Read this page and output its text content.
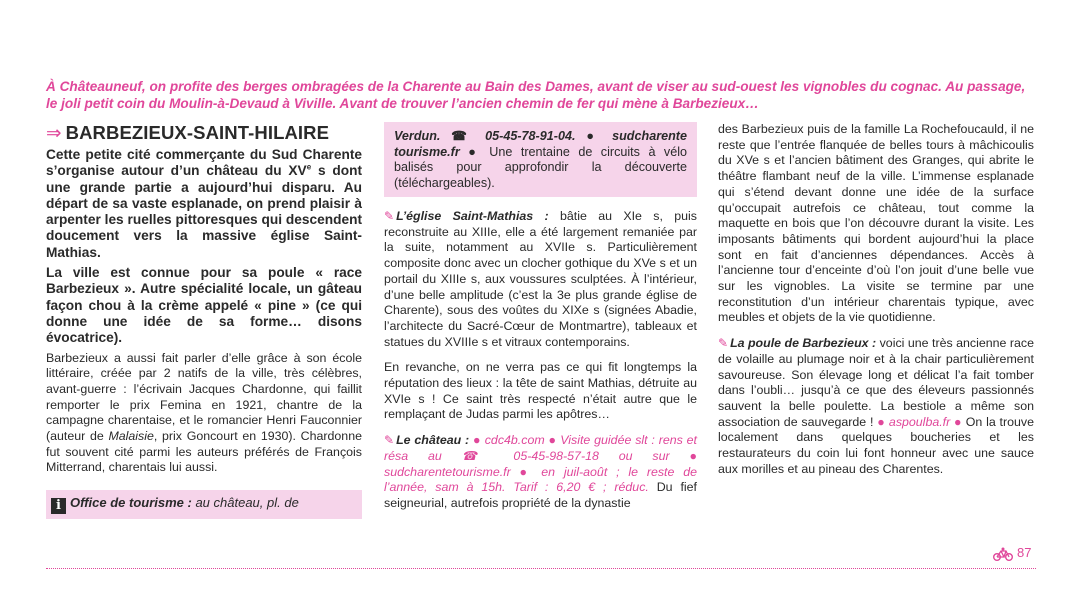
À Châteauneuf, on profite des berges ombragées de la Charente au Bain des Dames, avant de viser au sud-ouest les vignobles du cognac. Au passage, le joli petit coin du Moulin-à-Devaud à Viville. Avant de trouver l’ancien chemin de fer qui mène à Barbezieux…

⇒ BARBEZIEUX-SAINT-HILAIRE

Cette petite cité commerçante du Sud Charente s’organise autour d’un château du XVe s dont une grande partie a aujourd’hui disparu. Au départ de sa vaste esplanade, on prend plaisir à arpenter les ruelles pittoresques qui descendent doucement vers la massive église Saint-Mathias.

La ville est connue pour sa poule « race Barbezieux ». Autre spécialité locale, un gâteau façon chou à la crème appelé « pine » (ce qui donne une idée de sa forme… disons évocatrice).

Barbezieux a aussi fait parler d’elle grâce à son école littéraire, créée par 2 natifs de la ville, très célèbres, avant-guerre : l’écrivain Jacques Chardonne, qui faillit remporter le prix Femina en 1921, chantre de la campagne charentaise, et le romancier Henri Fauconnier (auteur de Malaisie, prix Goncourt en 1930). Chardonne fut souvent cité parmi les auteurs préférés de François Mitterrand, charentais lui aussi.

i Office de tourisme : au château, pl. de
Verdun. ☎ 05-45-78-91-04. ● sudcharente tourisme.fr ● Une trentaine de circuits à vélo balisés pour approfondir la découverte (téléchargeables).

✎ L’église Saint-Mathias : bâtie au XIe s, puis reconstruite au XIIIe, elle a été largement remaniée par la suite, notamment au XVIIe s. Particulièrement composite donc avec un clocher gothique du XVe s et un portail du XIIIe s, aux voussures sculptées. À l’intérieur, d’une belle amplitude (c’est la 3e plus grande église de Charente), sous des voûtes du XIXe s (signées Abadie, l’architecte du Sacré-Cœur de Montmartre), tableaux et statues du XVIIIe s et vitraux contemporains.

En revanche, on ne verra pas ce qui fit longtemps la réputation des lieux : la tête de saint Mathias, détruite au XVIe s ! Ce saint très respecté n’était autre que le remplaçant de Judas parmi les apôtres…

✎ Le château : ● cdc4b.com ● Visite guidée slt : rens et résa au ☎ 05-45-98-57-18 ou sur ● sudcharentetourisme.fr ● en juil-août ; le reste de l’année, sam à 15h. Tarif : 6,20 € ; réduc. Du fief seigneurial, autrefois propriété de la dynastie

des Barbezieux puis de la famille La Rochefoucauld, il ne reste que l’entrée flanquée de belles tours à mâchicoulis du XVe s et l’ancien bâtiment des Granges, qui abrite le théâtre flambant neuf de la ville. L’immense esplanade qui s’étend devant donne une idée de la surface qu’occupait autrefois ce château, tout comme la maquette en bois que l’on découvre durant la visite. Les imposants bâtiments qui bordent aujourd’hui la place sont en fait d’anciennes dépendances. Accès à l’ancienne tour d’enceinte d’où l’on jouit d’une belle vue sur les vignobles. La visite se termine par une reconstitution d’un intérieur charentais typique, avec meubles et objets de la vie quotidienne.

✎ La poule de Barbezieux : voici une très ancienne race de volaille au plumage noir et à la chair particulièrement savoureuse. Son élevage long et délicat l’a fait tomber dans l’oubli… jusqu’à ce que des éleveurs passionnés sauvent la belle poulette. La bestiole a même son association de sauvegarde ! ● aspoulba.fr ● On la trouve localement dans quelques boucheries et les restaurateurs du coin lui font honneur avec une sauce aux morilles et au pineau des Charentes.

87
